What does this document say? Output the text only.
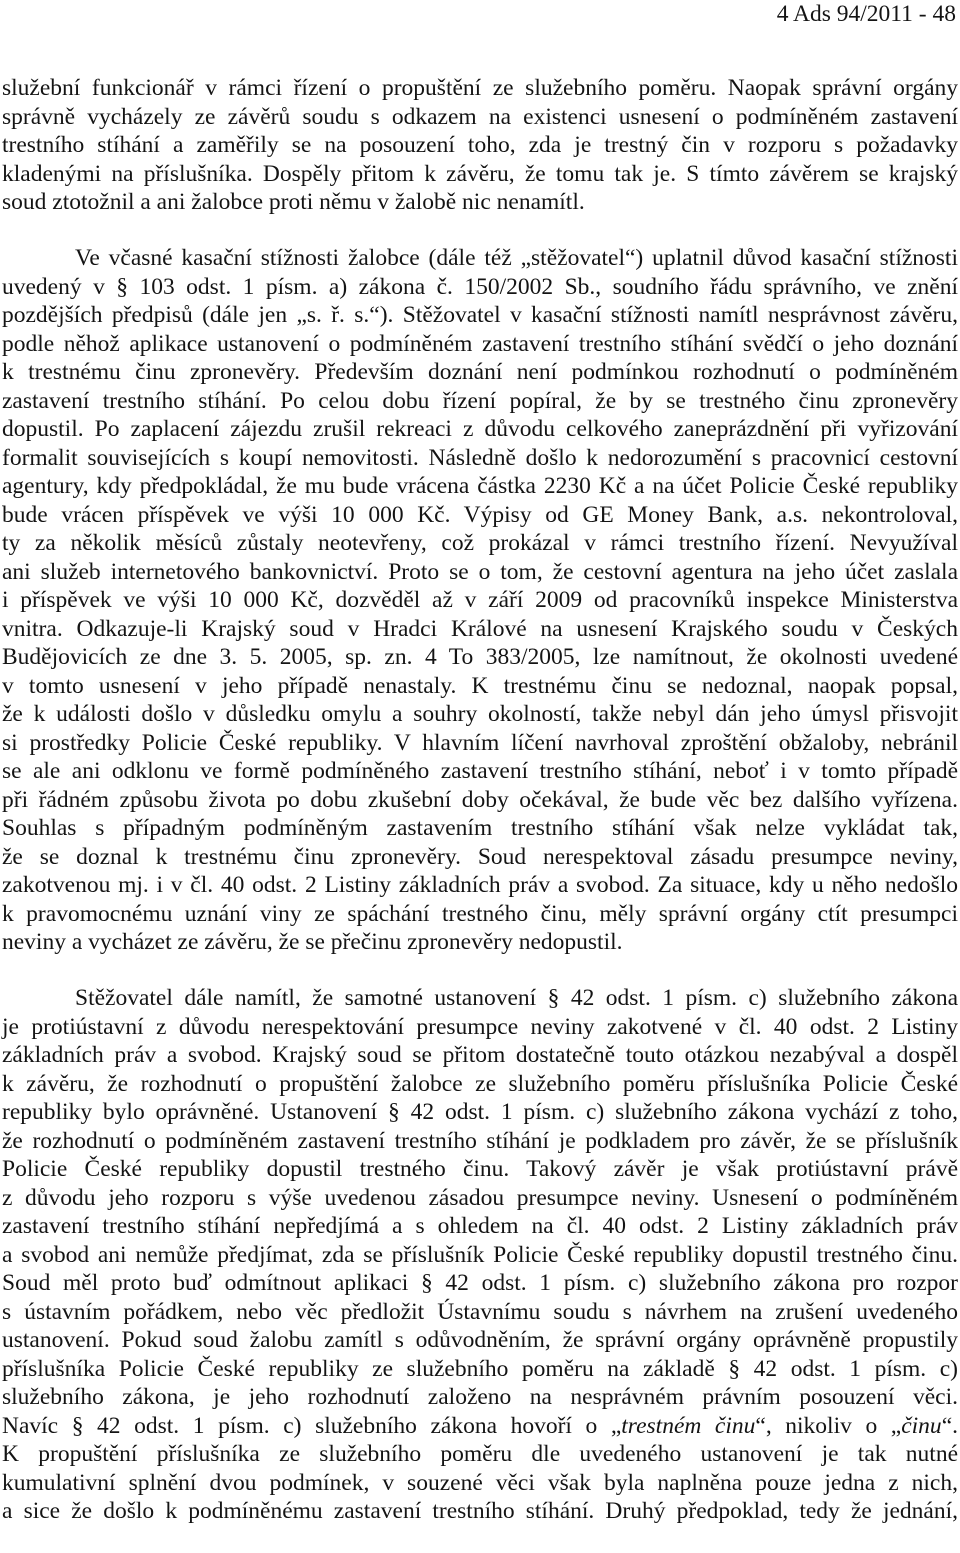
4 Ads 94/2011 - 48
služební funkcionář v rámci řízení o propuštění ze služebního poměru. Naopak správní orgány
správně vycházely ze závěrů soudu s odkazem na existenci usnesení o podmíněném zastavení
trestního stíhání a zaměřily se na posouzení toho, zda je trestný čin v rozporu s požadavky
kladenými na příslušníka. Dospěly přitom k závěru, že tomu tak je. S tímto závěrem se krajský
soud ztotožnil a ani žalobce proti němu v žalobě nic nenamítl.
Ve včasné kasační stížnosti žalobce (dále též „stěžovatel“) uplatnil důvod kasační stížnosti
uvedený v § 103 odst. 1 písm. a) zákona č. 150/2002 Sb., soudního řádu správního, ve znění
pozdějších předpisů (dále jen „s. ř. s.“). Stěžovatel v kasační stížnosti namítl nesprávnost závěru,
podle něhož aplikace ustanovení o podmíněném zastavení trestního stíhání svědčí o jeho doznání
k trestnému činu zpronevěry. Především doznání není podmínkou rozhodnutí o podmíněném
zastavení trestního stíhání. Po celou dobu řízení popíral, že by se trestného činu zpronevěry
dopustil. Po zaplacení zájezdu zrušil rekreaci z důvodu celkového zaneprázdnění při vyřizování
formalit souvisejících s koupí nemovitosti. Následně došlo k nedorozumění s pracovnicí cestovní
agentury, kdy předpokládal, že mu bude vrácena částka 2230 Kč a na účet Policie České republiky
bude vrácen příspěvek ve výši 10 000 Kč. Výpisy od GE Money Bank, a.s. nekontroloval,
ty za několik měsíců zůstaly neotevřeny, což prokázal v rámci trestního řízení. Nevyužíval
ani služeb internetového bankovnictví. Proto se o tom, že cestovní agentura na jeho účet zaslala
i příspěvek ve výši 10 000 Kč, dozvěděl až v září 2009 od pracovníků inspekce Ministerstva
vnitra. Odkazuje-li Krajský soud v Hradci Králové na usnesení Krajského soudu v Českých
Budějovicích ze dne 3. 5. 2005, sp. zn. 4 To 383/2005, lze namítnout, že okolnosti uvedené
v tomto usnesení v jeho případě nenastaly. K trestnému činu se nedoznal, naopak popsal,
že k události došlo v důsledku omylu a souhry okolností, takže nebyl dán jeho úmysl přisvojit
si prostředky Policie České republiky. V hlavním líčení navrhoval zproštění obžaloby, nebránil
se ale ani odklonu ve formě podmíněného zastavení trestního stíhání, neboť i v tomto případě
při řádném způsobu života po dobu zkušební doby očekával, že bude věc bez dalšího vyřízena.
Souhlas s případným podmíněným zastavením trestního stíhání však nelze vykládat tak,
že se doznal k trestnému činu zpronevěry. Soud nerespektoval zásadu presumpce neviny,
zakotvenou mj. i v čl. 40 odst. 2 Listiny základních práv a svobod. Za situace, kdy u něho nedošlo
k pravomocnému uznání viny ze spáchání trestného činu, měly správní orgány ctít presumpci
neviny a vycházet ze závěru, že se přečinu zpronevěry nedopustil.
Stěžovatel dále namítl, že samotné ustanovení § 42 odst. 1 písm. c) služebního zákona
je protiústavní z důvodu nerespektování presumpce neviny zakotvené v čl. 40 odst. 2 Listiny
základních práv a svobod. Krajský soud se přitom dostatečně touto otázkou nezabýval a dospěl
k závěru, že rozhodnutí o propuštění žalobce ze služebního poměru příslušníka Policie České
republiky bylo oprávněné. Ustanovení § 42 odst. 1 písm. c) služebního zákona vychází z toho,
že rozhodnutí o podmíněném zastavení trestního stíhání je podkladem pro závěr, že se příslušník
Policie České republiky dopustil trestného činu. Takový závěr je však protiústavní právě
z důvodu jeho rozporu s výše uvedenou zásadou presumpce neviny. Usnesení o podmíněném
zastavení trestního stíhání nepředjímá a s ohledem na čl. 40 odst. 2 Listiny základních práv
a svobod ani nemůže předjímat, zda se příslušník Policie České republiky dopustil trestného činu.
Soud měl proto buď odmítnout aplikaci § 42 odst. 1 písm. c) služebního zákona pro rozpor
s ústavním pořádkem, nebo věc předložit Ústavnímu soudu s návrhem na zrušení uvedeného
ustanovení. Pokud soud žalobu zamítl s odůvodněním, že správní orgány oprávněně propustily
příslušníka Policie České republiky ze služebního poměru na základě § 42 odst. 1 písm. c)
služebního zákona, je jeho rozhodnutí založeno na nesprávném právním posouzení věci.
Navíc § 42 odst. 1 písm. c) služebního zákona hovoří o „trestném činu“, nikoliv o „činu“.
K propuštění příslušníka ze služebního poměru dle uvedeného ustanovení je tak nutné
kumulativní splnění dvou podmínek, v souzené věci však byla naplněna pouze jedna z nich,
a sice že došlo k podmíněnému zastavení trestního stíhání. Druhý předpoklad, tedy že jednání,
